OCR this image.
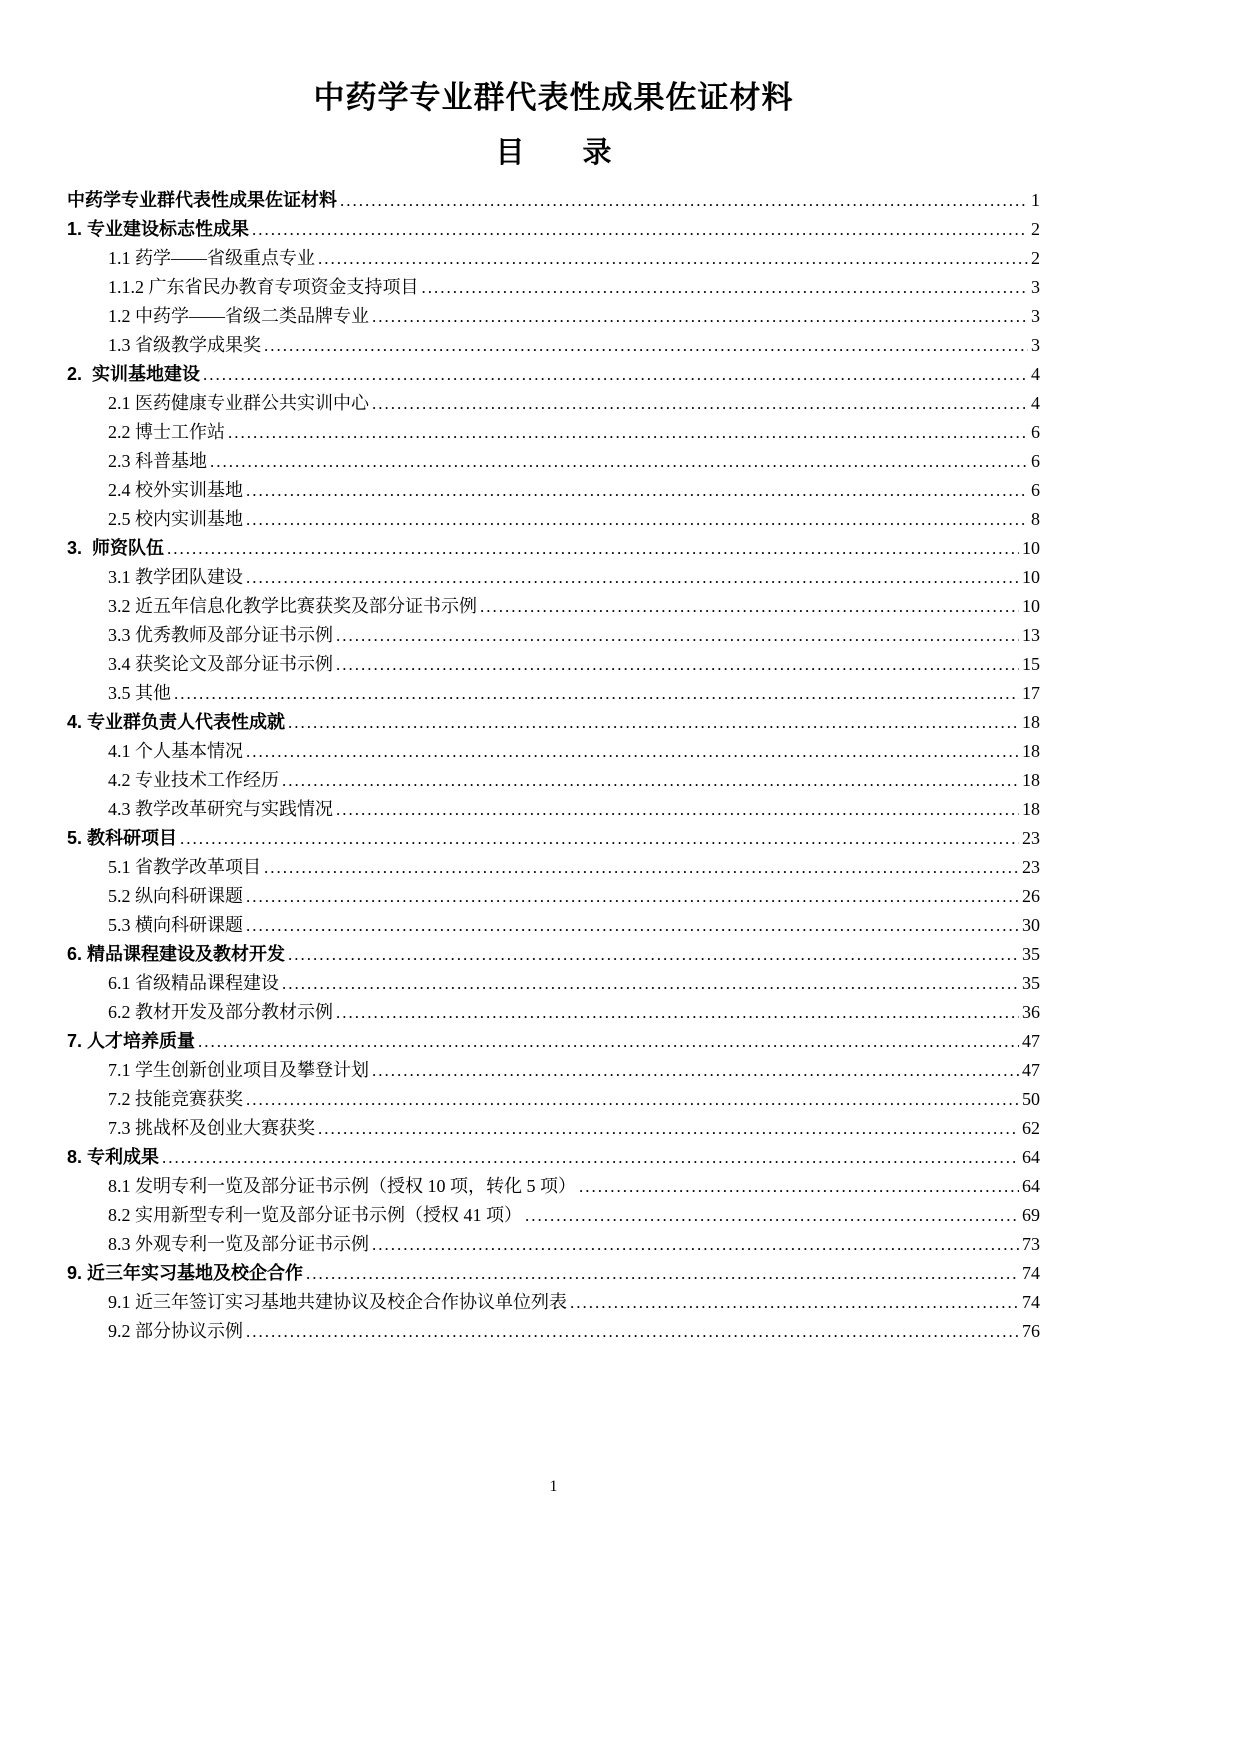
中药学专业群代表性成果佐证材料
目　　录
中药学专业群代表性成果佐证材料 .....	1
1. 专业建设标志性成果 .....	2
1.1 药学——省级重点专业 .....	2
1.1.2 广东省民办教育专项资金支持项目 .....	3
1.2 中药学——省级二类品牌专业 .....	3
1.3 省级教学成果奖 .....	3
2.  实训基地建设 .....	4
2.1 医药健康专业群公共实训中心 .....	4
2.2 博士工作站 .....	6
2.3 科普基地 .....	6
2.4 校外实训基地 .....	6
2.5 校内实训基地 .....	8
3.  师资队伍 .....	10
3.1 教学团队建设 .....	10
3.2 近五年信息化教学比赛获奖及部分证书示例 .....	10
3.3 优秀教师及部分证书示例 .....	13
3.4 获奖论文及部分证书示例 .....	15
3.5 其他 .....	17
4. 专业群负责人代表性成就 .....	18
4.1 个人基本情况 .....	18
4.2 专业技术工作经历 .....	18
4.3 教学改革研究与实践情况 .....	18
5. 教科研项目 .....	23
5.1 省教学改革项目 .....	23
5.2 纵向科研课题 .....	26
5.3 横向科研课题 .....	30
6. 精品课程建设及教材开发 .....	35
6.1 省级精品课程建设 .....	35
6.2 教材开发及部分教材示例 .....	36
7. 人才培养质量 .....	47
7.1 学生创新创业项目及攀登计划 .....	47
7.2 技能竞赛获奖 .....	50
7.3 挑战杯及创业大赛获奖 .....	62
8. 专利成果 .....	64
8.1 发明专利一览及部分证书示例（授权 10 项，转化 5 项） .....	64
8.2 实用新型专利一览及部分证书示例（授权 41 项） .....	69
8.3 外观专利一览及部分证书示例 .....	73
9. 近三年实习基地及校企合作 .....	74
9.1 近三年签订实习基地共建协议及校企合作协议单位列表 .....	74
9.2 部分协议示例 .....	76
1
